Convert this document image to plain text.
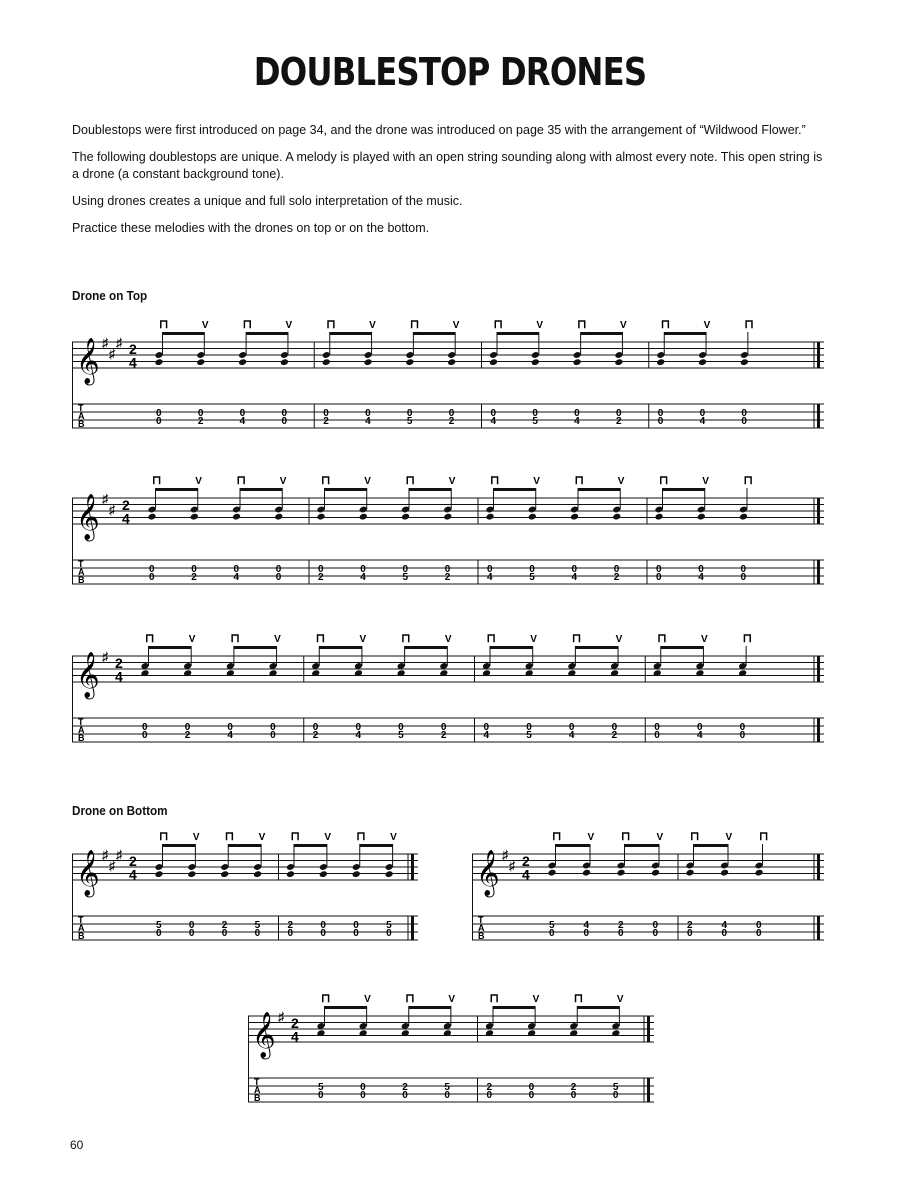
DOUBLESTOP DRONES

Doublestops were first introduced on page 34, and the drone was introduced on page 35 with the arrangement of “Wildwood Flower.”

The following doublestops are unique. A melody is played with an open string sounding along with almost every note. This open string is a drone (a constant background tone).

Using drones creates a unique and full solo interpretation of the music.

Practice these melodies with the drones on top or on the bottom.

Drone on Top
𝄞 ♯
♯
♯ 2
4
T
A
B
⊓
0
0
V
0
2
⊓
0
4
V
0
0
⊓
0
2
V
0
4
⊓
0
5
V
0
2
⊓
0
4
V
0
5
⊓
0
4
V
0
2
⊓
0
0
V
0
4
⊓
0
0
𝄞 ♯
♯ 2
4
T
A
B
⊓
0
0
V
0
2
⊓
0
4
V
0
0
⊓
0
2
V
0
4
⊓
0
5
V
0
2
⊓
0
4
V
0
5
⊓
0
4
V
0
2
⊓
0
0
V
0
4
⊓
0
0
𝄞 ♯ 2
4
T
A
B
⊓
0
0
V
0
2
⊓
0
4
V
0
0
⊓
0
2
V
0
4
⊓
0
5
V
0
2
⊓
0
4
V
0
5
⊓
0
4
V
0
2
⊓
0
0
V
0
4
⊓
0
0
Drone on Bottom
𝄞 ♯
♯
♯ 2
4
T
A
B
⊓
5
0
V
0
0
⊓
2
0
V
5
0
⊓
2
0
V
0
0
⊓
0
0
V
5
0
𝄞 ♯
♯ 2
4
T
A
B
⊓
5
0
V
4
0
⊓
2
0
V
0
0
⊓
2
0
V
4
0
⊓
0
0
𝄞 ♯ 2
4
T
A
B
⊓
5
0
V
0
0
⊓
2
0
V
5
0
⊓
2
0
V
0
0
⊓
2
0
V
5
0
60
